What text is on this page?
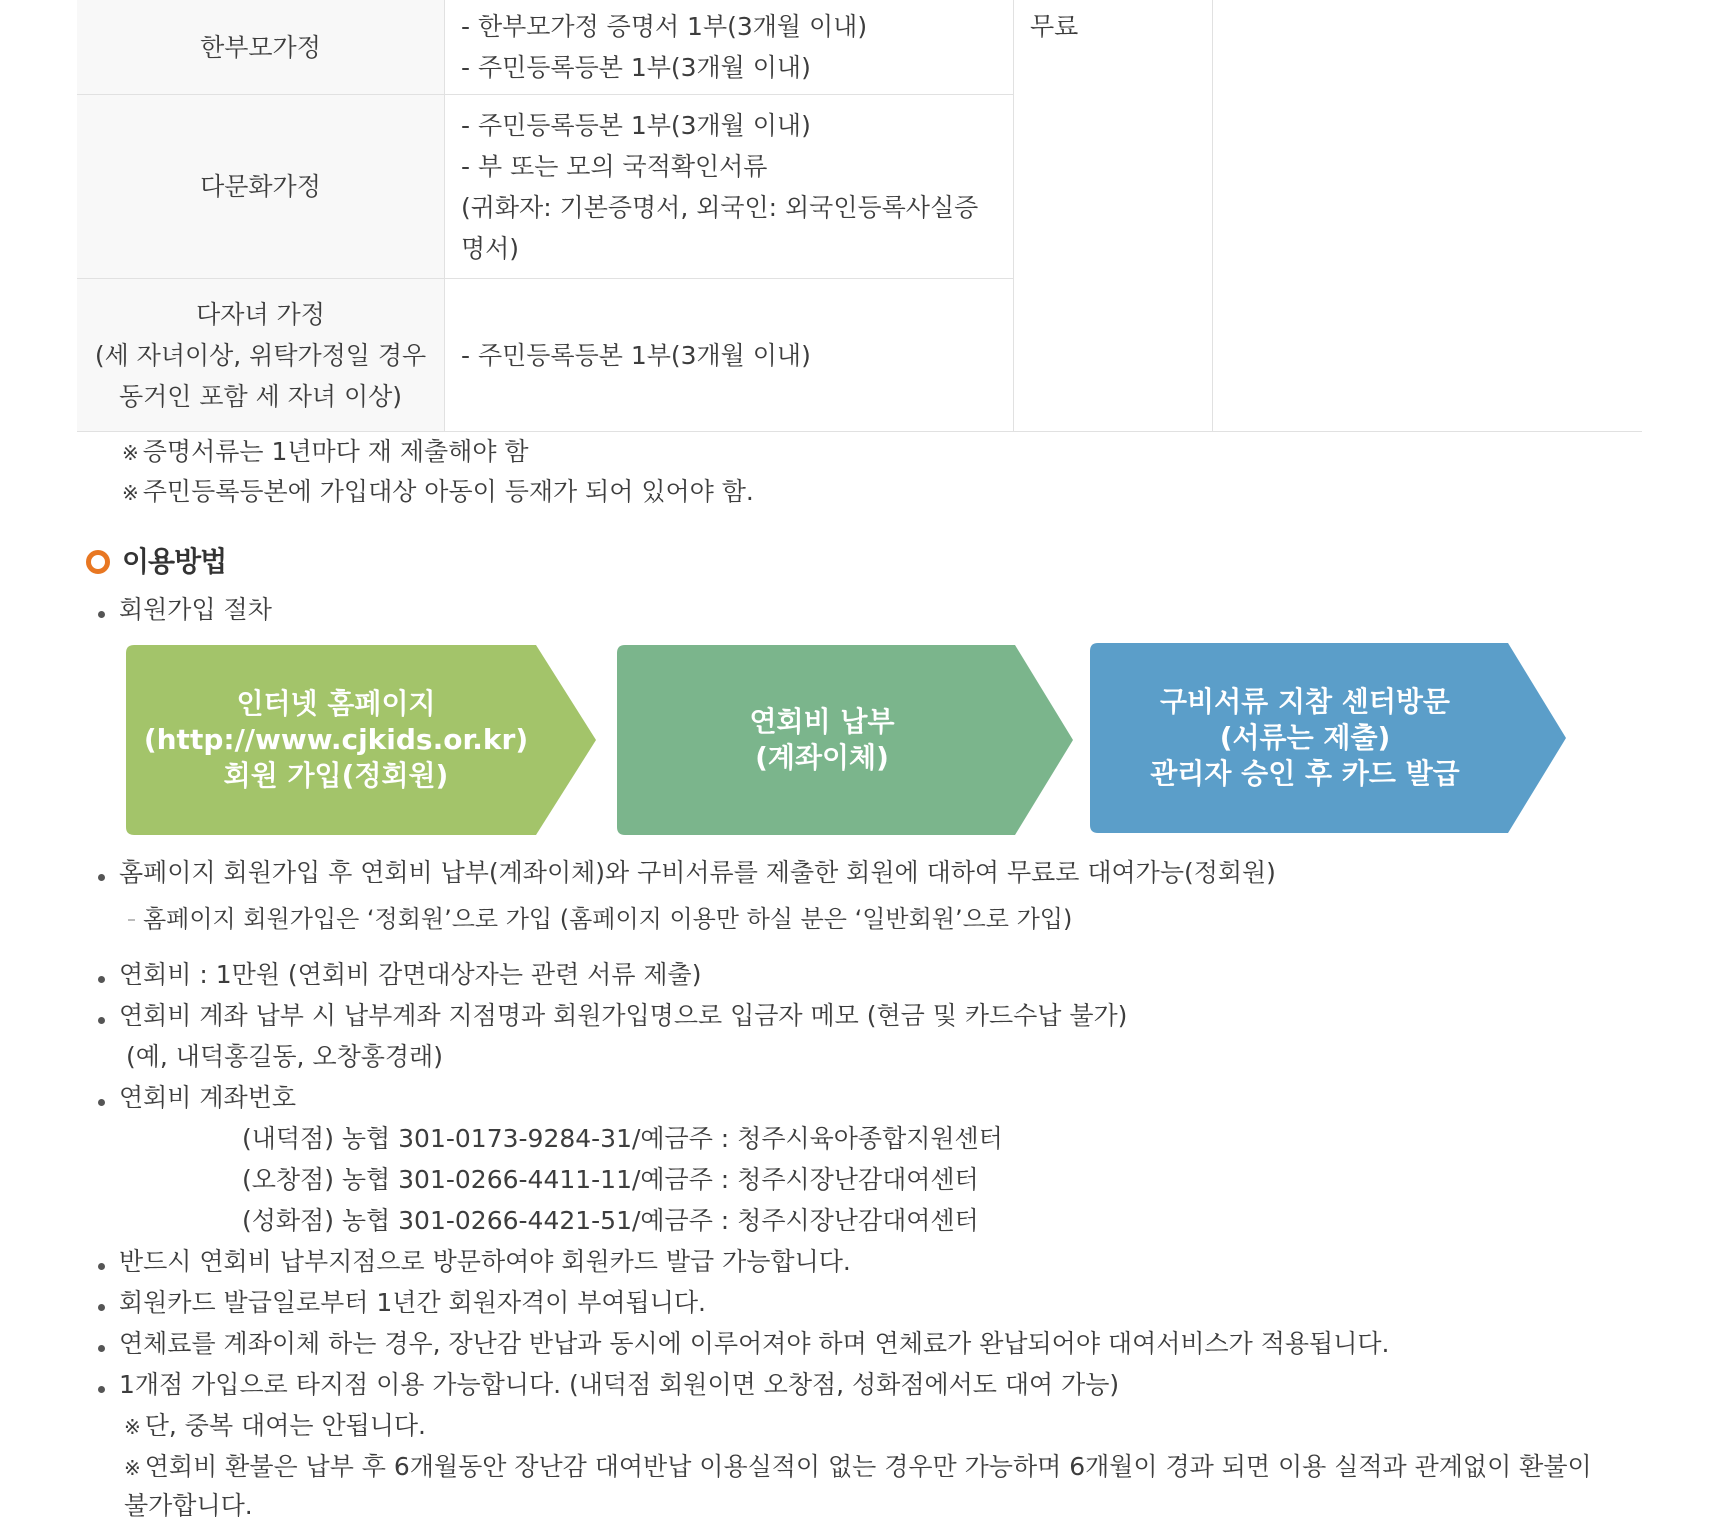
한부모가정	- 한부모가정 증명서 1부(3개월 이내)
- 주민등록등본 1부(3개월 이내)	무료	

다문화가정	- 주민등록등본 1부(3개월 이내)
- 부 또는 모의 국적확인서류
(귀화자: 기본증명서, 외국인: 외국인등록사실증
명서)		

다자녀 가정
(세 자녀이상, 위탁가정일 경우
동거인 포함 세 자녀 이상)	- 주민등록등본 1부(3개월 이내)		
※ 증명서류는 1년마다 재 제출해야 함
※ 주민등록등본에 가입대상 아동이 등재가 되어 있어야 함.
이용방법
회원가입 절차
인터넷 홈페이지
(http://www.cjkids.or.kr)
회원 가입(정회원)
연회비 납부
(계좌이체)
구비서류 지참 센터방문
(서류는 제출)
관리자 승인 후 카드 발급
홈페이지 회원가입 후 연회비 납부(계좌이체)와 구비서류를 제출한 회원에 대하여 무료로 대여가능(정회원)
홈페이지 회원가입은 ‘정회원’으로 가입 (홈페이지 이용만 하실 분은 ‘일반회원’으로 가입)
연회비 : 1만원 (연회비 감면대상자는 관련 서류 제출)
연회비 계좌 납부 시 납부계좌 지점명과 회원가입명으로 입금자 메모 (현금 및 카드수납 불가)
(예, 내덕홍길동, 오창홍경래)
연회비 계좌번호
(내덕점) 농협 301-0173-9284-31/예금주 : 청주시육아종합지원센터
(오창점) 농협 301-0266-4411-11/예금주 : 청주시장난감대여센터
(성화점) 농협 301-0266-4421-51/예금주 : 청주시장난감대여센터
반드시 연회비 납부지점으로 방문하여야 회원카드 발급 가능합니다.
회원카드 발급일로부터 1년간 회원자격이 부여됩니다.
연체료를 계좌이체 하는 경우, 장난감 반납과 동시에 이루어져야 하며 연체료가 완납되어야 대여서비스가 적용됩니다.
1개점 가입으로 타지점 이용 가능합니다. (내덕점 회원이면 오창점, 성화점에서도 대여 가능)
※ 단, 중복 대여는 안됩니다.
※ 연회비 환불은 납부 후 6개월동안 장난감 대여반납 이용실적이 없는 경우만 가능하며 6개월이 경과 되면 이용 실적과 관계없이 환불이
불가합니다.
